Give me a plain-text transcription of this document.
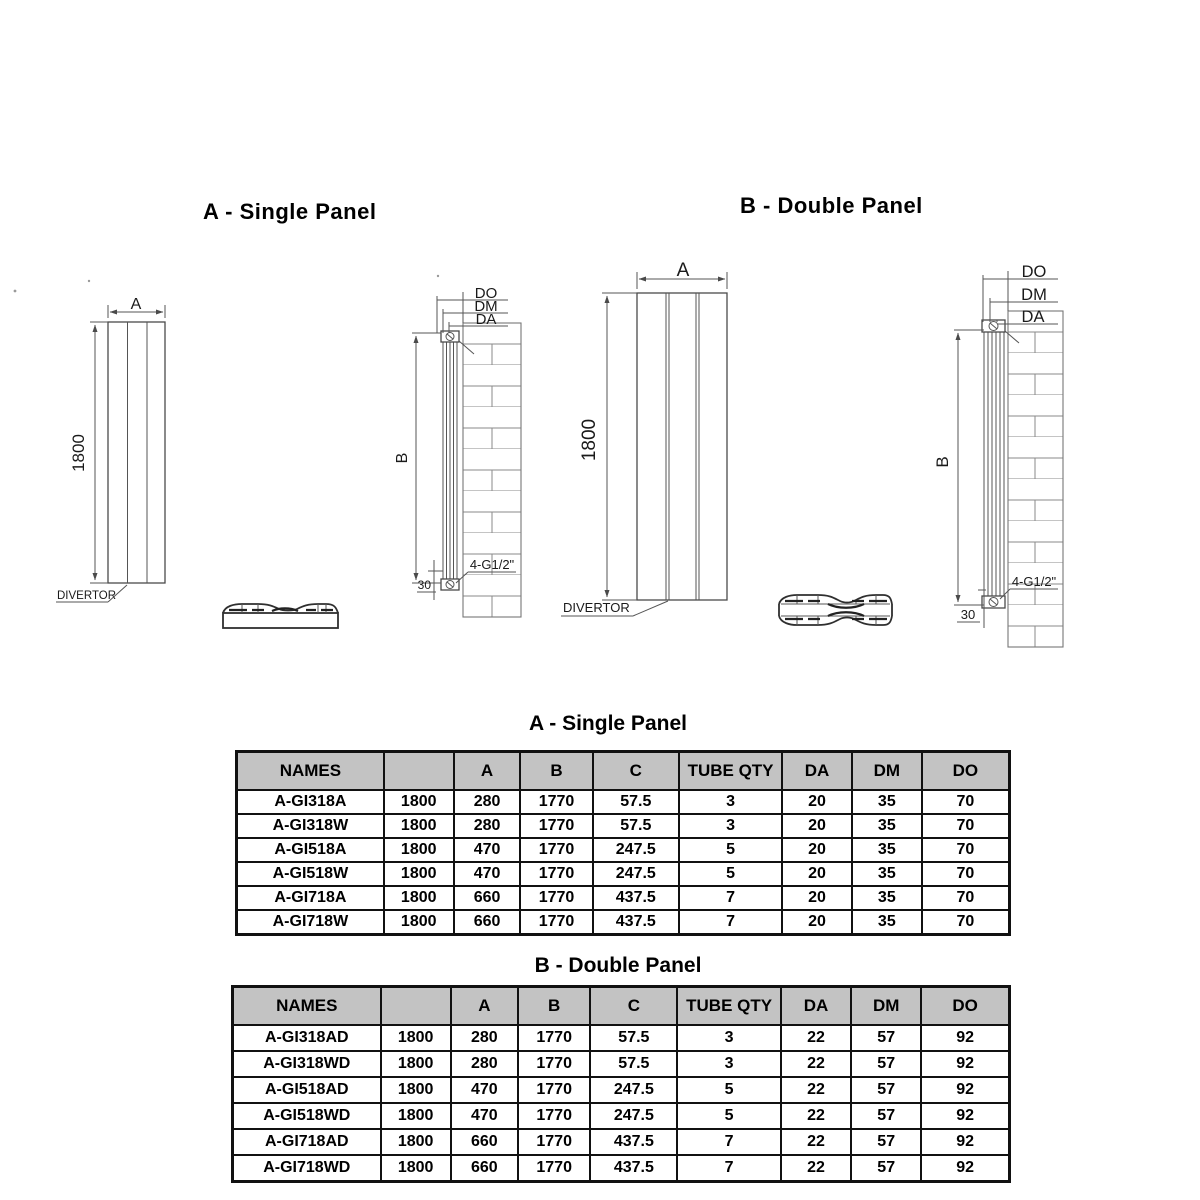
A - Single Panel	B - Double Panel
1800
A
DIVERTOR
DO
DM
DA
B
30
4-G1/2"
1800
A
DIVERTOR
DO
DM
DA
B
30
4-G1/2"
A - Single Panel
NAMES		A	B	C	TUBE QTY	DA	DM	DO
A-GI318A	1800	280	1770	57.5	3	20	35	70
A-GI318W	1800	280	1770	57.5	3	20	35	70
A-GI518A	1800	470	1770	247.5	5	20	35	70
A-GI518W	1800	470	1770	247.5	5	20	35	70
A-GI718A	1800	660	1770	437.5	7	20	35	70
A-GI718W	1800	660	1770	437.5	7	20	35	70
B - Double Panel
NAMES		A	B	C	TUBE QTY	DA	DM	DO
A-GI318AD	1800	280	1770	57.5	3	22	57	92
A-GI318WD	1800	280	1770	57.5	3	22	57	92
A-GI518AD	1800	470	1770	247.5	5	22	57	92
A-GI518WD	1800	470	1770	247.5	5	22	57	92
A-GI718AD	1800	660	1770	437.5	7	22	57	92
A-GI718WD	1800	660	1770	437.5	7	22	57	92
